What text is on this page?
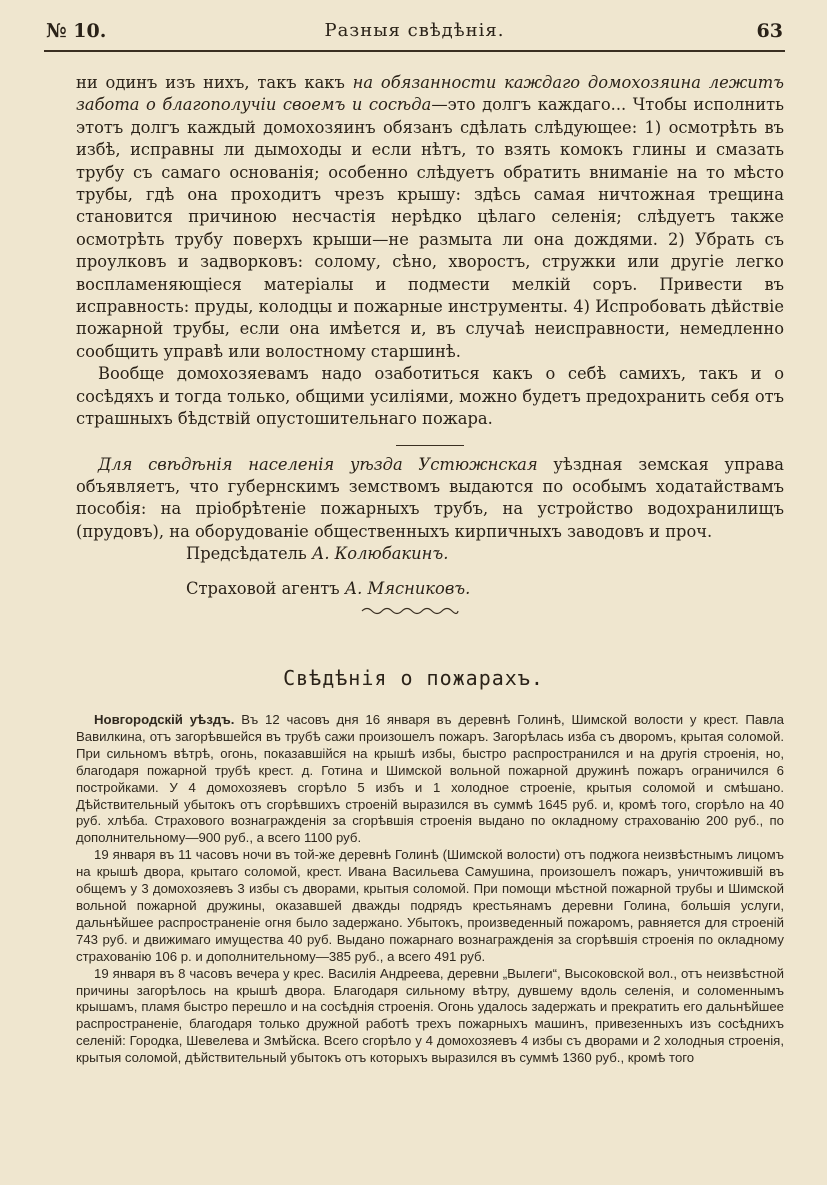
№ 10.	Разныя свѣдѣнія.	63

ни одинъ изъ нихъ, такъ какъ на обязанности каждаго домохозяина лежитъ забота о благополучіи своемъ и сосѣда—это долгъ каждаго... Чтобы исполнить этотъ долгъ каждый домохозяинъ обязанъ сдѣлать слѣдующее: 1) осмотрѣть въ избѣ, исправны ли дымоходы и если нѣтъ, то взять комокъ глины и смазать трубу съ самаго основанія; особенно слѣдуетъ обратить вниманіе на то мѣсто трубы, гдѣ она проходитъ чрезъ крышу: здѣсь самая ничтожная трещина становится причиною несчастія нерѣдко цѣлаго селенія; слѣдуетъ также осмотрѣть трубу поверхъ крыши—не размыта ли она дождями. 2) Убрать съ проулковъ и задворковъ: солому, сѣно, хворостъ, стружки или другіе легко воспламеняющіеся матеріалы и подмести мелкій соръ. Привести въ исправность: пруды, колодцы и пожарные инструменты. 4) Испробовать дѣйствіе пожарной трубы, если она имѣется и, въ случаѣ неисправности, немедленно сообщить управѣ или волостному старшинѣ.

Вообще домохозяевамъ надо озаботиться какъ о себѣ самихъ, такъ и о сосѣдяхъ и тогда только, общими усиліями, можно будетъ предохранить себя отъ страшныхъ бѣдствій опустошительнаго пожара.

Для свѣдѣнія населенія уѣзда Устюжнская уѣздная земская управа объявляетъ, что губернскимъ земствомъ выдаются по особымъ ходатайствамъ пособія: на пріобрѣтеніе пожарныхъ трубъ, на устройство водохранилищъ (прудовъ), на оборудованіе общественныхъ кирпичныхъ заводовъ и проч.

Предсѣдатель А. Колюбакинъ.

Страховой агентъ А. Мясниковъ.

Свѣдѣнія о пожарахъ.

Новгородскій уѣздъ. Въ 12 часовъ дня 16 января въ деревнѣ Голинѣ, Шимской волости у крест. Павла Вавилкина, отъ загорѣвшейся въ трубѣ сажи произошелъ пожаръ. Загорѣлась изба съ дворомъ, крытая соломой. При сильномъ вѣтрѣ, огонь, показавшійся на крышѣ избы, быстро распространился и на другія строенія, но, благодаря пожарной трубѣ крест. д. Готина и Шимской вольной пожарной дружинѣ пожаръ ограничился 6 постройками. У 4 домохозяевъ сгорѣло 5 избъ и 1 холодное строеніе, крытыя соломой и смѣшано. Дѣйствительный убытокъ отъ сгорѣвшихъ строеній выразился въ суммѣ 1645 руб. и, кромѣ того, сгорѣло на 40 руб. хлѣба. Страхового вознагражденія за сгорѣвшія строенія выдано по окладному страхованію 200 руб., по дополнительному—900 руб., а всего 1100 руб.

19 января въ 11 часовъ ночи въ той-же деревнѣ Голинѣ (Шимской волости) отъ поджога неизвѣстнымъ лицомъ на крышѣ двора, крытаго соломой, крест. Ивана Васильева Самушина, произошелъ пожаръ, уничтожившій въ общемъ у 3 домохозяевъ 3 избы съ дворами, крытыя соломой. При помощи мѣстной пожарной трубы и Шимской вольной пожарной дружины, оказавшей дважды подрядъ крестьянамъ деревни Голина, большія услуги, дальнѣйшее распространеніе огня было задержано. Убытокъ, произведенный пожаромъ, равняется для строеній 743 руб. и движимаго имущества 40 руб. Выдано пожарнаго вознагражденія за сгорѣвшія строенія по окладному страхованію 106 р. и дополнительному—385 руб., а всего 491 руб.

19 января въ 8 часовъ вечера у крес. Василія Андреева, деревни „Вылеги“, Высоковской вол., отъ неизвѣстной причины загорѣлось на крышѣ двора. Благодаря сильному вѣтру, дувшему вдоль селенія, и соломеннымъ крышамъ, пламя быстро перешло и на сосѣднія строенія. Огонь удалось задержать и прекратить его дальнѣйшее распространеніе, благодаря только дружной работѣ трехъ пожарныхъ машинъ, привезенныхъ изъ сосѣднихъ селеній: Городка, Шевелева и Змѣйска. Всего сгорѣло у 4 домохозяевъ 4 избы съ дворами и 2 холодныя строенія, крытыя соломой, дѣйствительный убытокъ отъ которыхъ выразился въ суммѣ 1360 руб., кромѣ того
